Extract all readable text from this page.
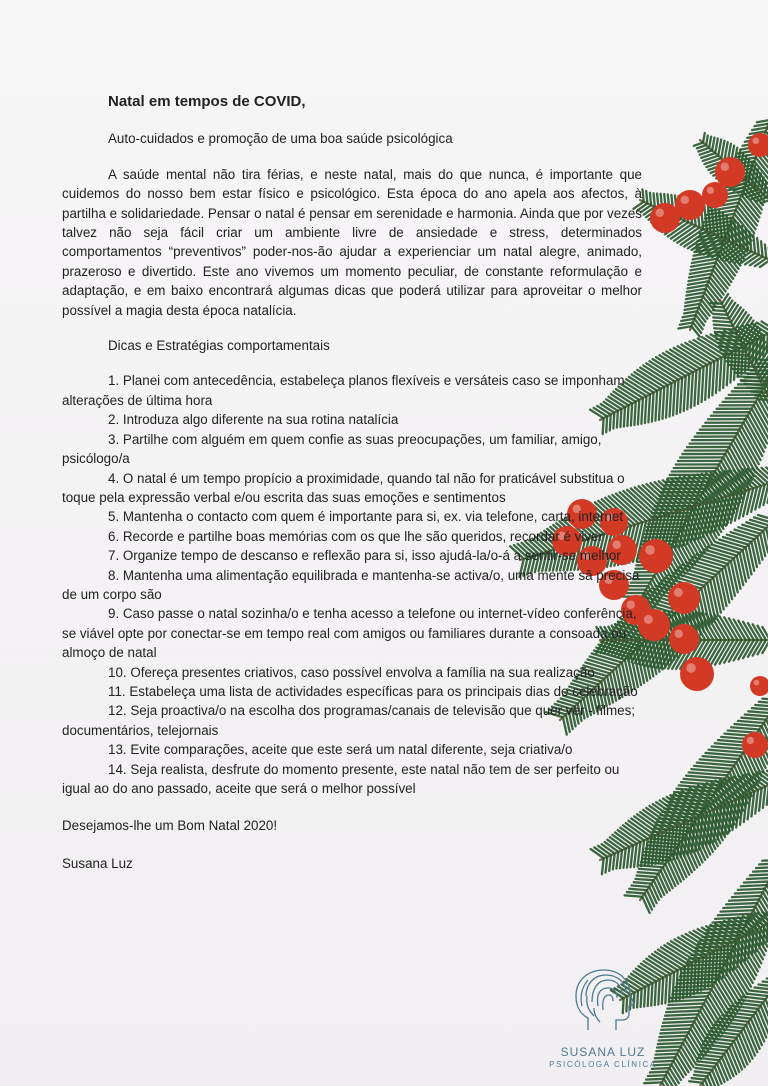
Natal em tempos de COVID,
Auto-cuidados e promoção de uma boa saúde psicológica
A saúde mental não tira férias, e neste natal, mais do que nunca, é importante que cuidemos do nosso bem estar físico e psicológico. Esta época do ano apela aos afectos, à partilha e solidariedade. Pensar o natal é pensar em serenidade e harmonia. Ainda que por vezes talvez não seja fácil criar um ambiente livre de ansiedade e stress, determinados comportamentos “preventivos” poder-nos-ão ajudar a experienciar um natal alegre, animado, prazeroso e divertido. Este ano vivemos um momento peculiar, de constante reformulação e adaptação, e em baixo encontrará algumas dicas que poderá utilizar para aproveitar o melhor possível a magia desta época natalícia.
Dicas e Estratégias comportamentais
1. Planei com antecedência, estabeleça planos flexíveis e versáteis caso se imponham alterações de última hora
2. Introduza algo diferente na sua rotina natalícia
3. Partilhe com alguém em quem confie as suas preocupações, um familiar, amigo, psicólogo/a
4. O natal é um tempo propício a proximidade, quando tal não for praticável substitua o toque pela expressão verbal e/ou escrita das suas emoções e sentimentos
5. Mantenha o contacto com quem é importante para si, ex. via telefone, carta, internet
6. Recorde e partilhe boas memórias com os que lhe são queridos, recordar é viver
7. Organize tempo de descanso e reflexão para si, isso ajudá-la/o-á a sentir-se melhor
8. Mantenha uma alimentação equilibrada e mantenha-se activa/o, uma mente sã precisa de um corpo são
9. Caso passe o natal sozinha/o e tenha acesso a telefone ou internet-vídeo conferência, se viável opte por conectar-se em tempo real com amigos ou familiares durante a consoada ou almoço de natal
10. Ofereça presentes criativos, caso possível envolva a família na sua realização
11. Estabeleça uma lista de actividades específicas para os principais dias de celebração
12. Seja proactiva/o na escolha dos programas/canais de televisão que quer ver - filmes; documentários, telejornais
13. Evite comparações, aceite que este será um natal diferente, seja criativa/o
14. Seja realista, desfrute do momento presente, este natal não tem de ser perfeito ou igual ao do ano passado, aceite que será o melhor possível
Desejamos-lhe um Bom Natal 2020!
Susana Luz
SUSANA LUZ
PSICÓLOGA CLÍNICA
